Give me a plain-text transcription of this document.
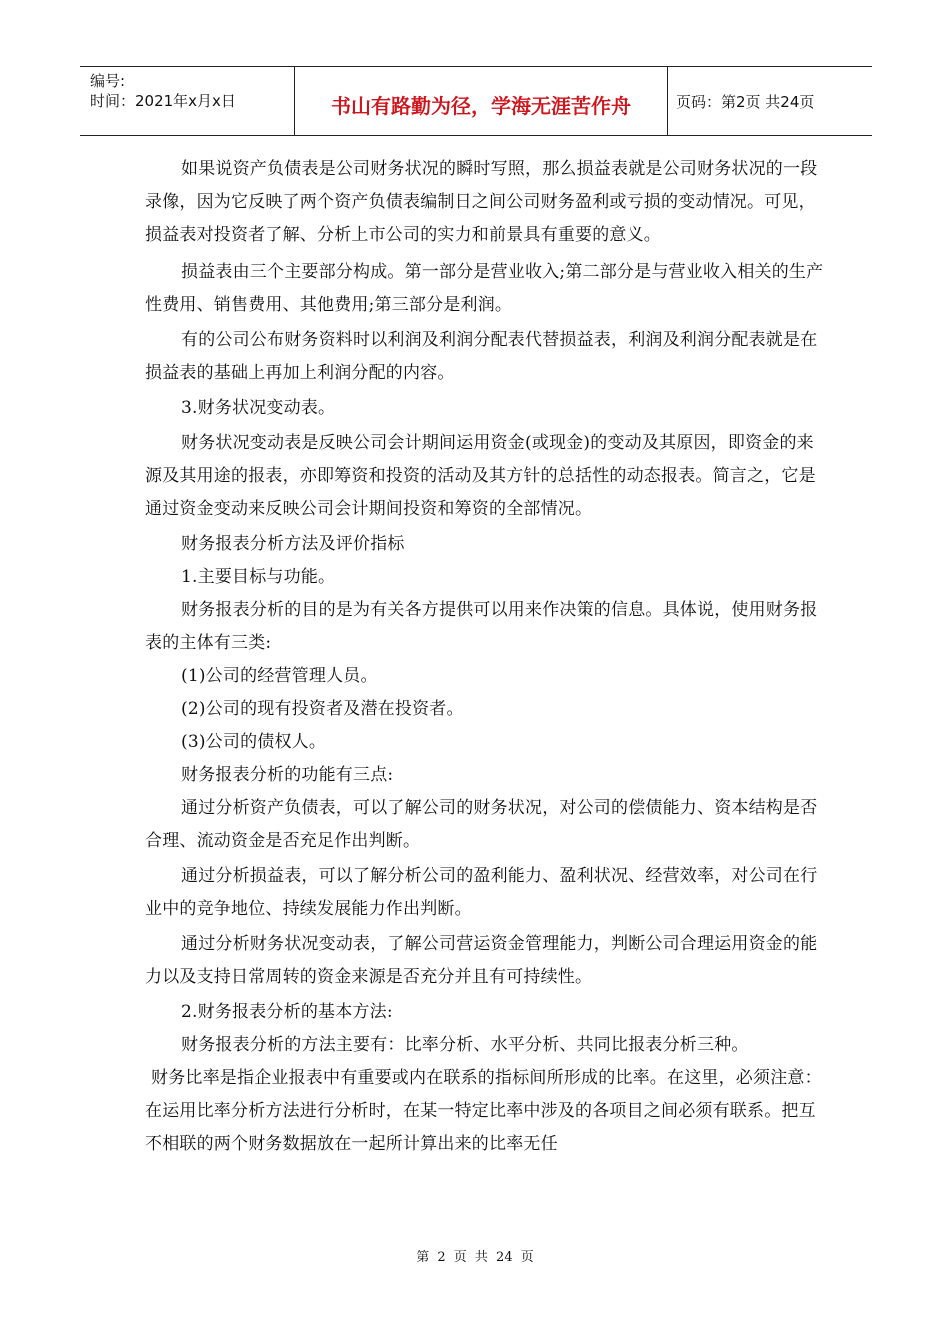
编号:
时间：2021年x月x日	书山有路勤为径，学海无涯苦作舟	页码：第2页 共24页

如果说资产负债表是公司财务状况的瞬时写照，那么损益表就是公司财务状况的一段录像，因为它反映了两个资产负债表编制日之间公司财务盈利或亏损的变动情况。可见，损益表对投资者了解、分析上市公司的实力和前景具有重要的意义。

损益表由三个主要部分构成。第一部分是营业收入;第二部分是与营业收入相关的生产性费用、销售费用、其他费用;第三部分是利润。

有的公司公布财务资料时以利润及利润分配表代替损益表，利润及利润分配表就是在损益表的基础上再加上利润分配的内容。

3.财务状况变动表。

财务状况变动表是反映公司会计期间运用资金(或现金)的变动及其原因，即资金的来源及其用途的报表，亦即筹资和投资的活动及其方针的总括性的动态报表。简言之，它是通过资金变动来反映公司会计期间投资和筹资的全部情况。

财务报表分析方法及评价指标

1.主要目标与功能。

财务报表分析的目的是为有关各方提供可以用来作决策的信息。具体说，使用财务报表的主体有三类:

(1)公司的经营管理人员。

(2)公司的现有投资者及潜在投资者。

(3)公司的债权人。

财务报表分析的功能有三点:

通过分析资产负债表，可以了解公司的财务状况，对公司的偿债能力、资本结构是否合理、流动资金是否充足作出判断。

通过分析损益表，可以了解分析公司的盈利能力、盈利状况、经营效率，对公司在行业中的竞争地位、持续发展能力作出判断。

通过分析财务状况变动表，了解公司营运资金管理能力，判断公司合理运用资金的能力以及支持日常周转的资金来源是否充分并且有可持续性。

2.财务报表分析的基本方法:

财务报表分析的方法主要有：比率分析、水平分析、共同比报表分析三种。

财务比率是指企业报表中有重要或内在联系的指标间所形成的比率。在这里，必须注意：在运用比率分析方法进行分析时，在某一特定比率中涉及的各项目之间必须有联系。把互不相联的两个财务数据放在一起所计算出来的比率无任

第 2 页 共 24 页
